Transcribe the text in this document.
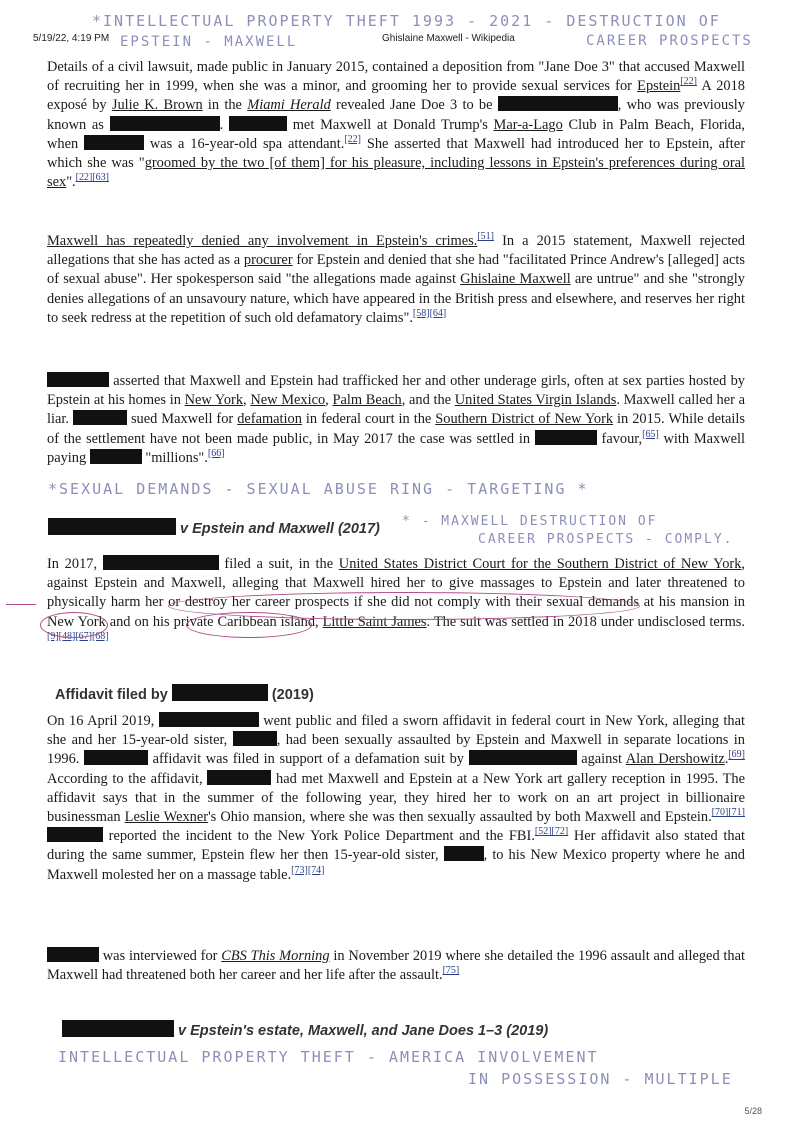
5/19/22, 4:19 PM	Ghislaine Maxwell - Wikipedia
*INTELLECTUAL PROPERTY THEFT 1993 - 2021 - DESTRUCTION OF
EPSTEIN - MAXWELL	CAREER PROSPECTS

Details of a civil lawsuit, made public in January 2015, contained a deposition from "Jane Doe 3" that accused Maxwell of recruiting her in 1999, when she was a minor, and grooming her to provide sexual services for Epstein[22] A 2018 exposé by Julie K. Brown in the Miami Herald revealed Jane Doe 3 to be	, who was previously known as	.	met Maxwell at Donald Trump's Mar-a-Lago Club in Palm Beach, Florida, when	was a 16-year-old spa attendant.[22] She asserted that Maxwell had introduced her to Epstein, after which she was "groomed by the two [of them] for his pleasure, including lessons in Epstein's preferences during oral sex".[22][63]

Maxwell has repeatedly denied any involvement in Epstein's crimes.[51] In a 2015 statement, Maxwell rejected allegations that she has acted as a procurer for Epstein and denied that she had "facilitated Prince Andrew's [alleged] acts of sexual abuse". Her spokesperson said "the allegations made against Ghislaine Maxwell are untrue" and she "strongly denies allegations of an unsavoury nature, which have appeared in the British press and elsewhere, and reserves her right to seek redress at the repetition of such old defamatory claims".[58][64]

asserted that Maxwell and Epstein had trafficked her and other underage girls, often at sex parties hosted by Epstein at his homes in New York, New Mexico, Palm Beach, and the United States Virgin Islands. Maxwell called her a liar.	sued Maxwell for defamation in federal court in the Southern District of New York in 2015. While details of the settlement have not been made public, in May 2017 the case was settled in	favour,[65] with Maxwell paying	"millions".[66]

*SEXUAL DEMANDS - SEXUAL ABUSE RING - TARGETING *
v Epstein and Maxwell (2017) * - MAXWELL DESTRUCTION OF
CAREER PROSPECTS - COMPLY.

In 2017,	filed a suit, in the United States District Court for the Southern District of New York, against Epstein and Maxwell, alleging that Maxwell hired her to give massages to Epstein and later threatened to physically harm her or destroy her career prospects if she did not comply with their sexual demands at his mansion in New York and on his private Caribbean island, Little Saint James. The suit was settled in 2018 under undisclosed terms.[9][48][67][68]

Affidavit filed by	(2019)

On 16 April 2019,	went public and filed a sworn affidavit in federal court in New York, alleging that she and her 15-year-old sister,	, had been sexually assaulted by Epstein and Maxwell in separate locations in 1996.	affidavit was filed in support of a defamation suit by	against Alan Dershowitz.[69] According to the affidavit,	had met Maxwell and Epstein at a New York art gallery reception in 1995. The affidavit says that in the summer of the following year, they hired her to work on an art project in billionaire businessman Leslie Wexner's Ohio mansion, where she was then sexually assaulted by both Maxwell and Epstein.[70][71] reported the incident to the New York Police Department and the FBI.[52][72] Her affidavit also stated that during the same summer, Epstein flew her then 15-year-old sister,	, to his New Mexico property where he and Maxwell molested her on a massage table.[73][74]

was interviewed for CBS This Morning in November 2019 where she detailed the 1996 assault and alleged that Maxwell had threatened both her career and her life after the assault.[75]

v Epstein's estate, Maxwell, and Jane Does 1–3 (2019)
INTELLECTUAL PROPERTY THEFT - AMERICA INVOLVEMENT
IN POSSESSION - MULTIPLE
5/28
